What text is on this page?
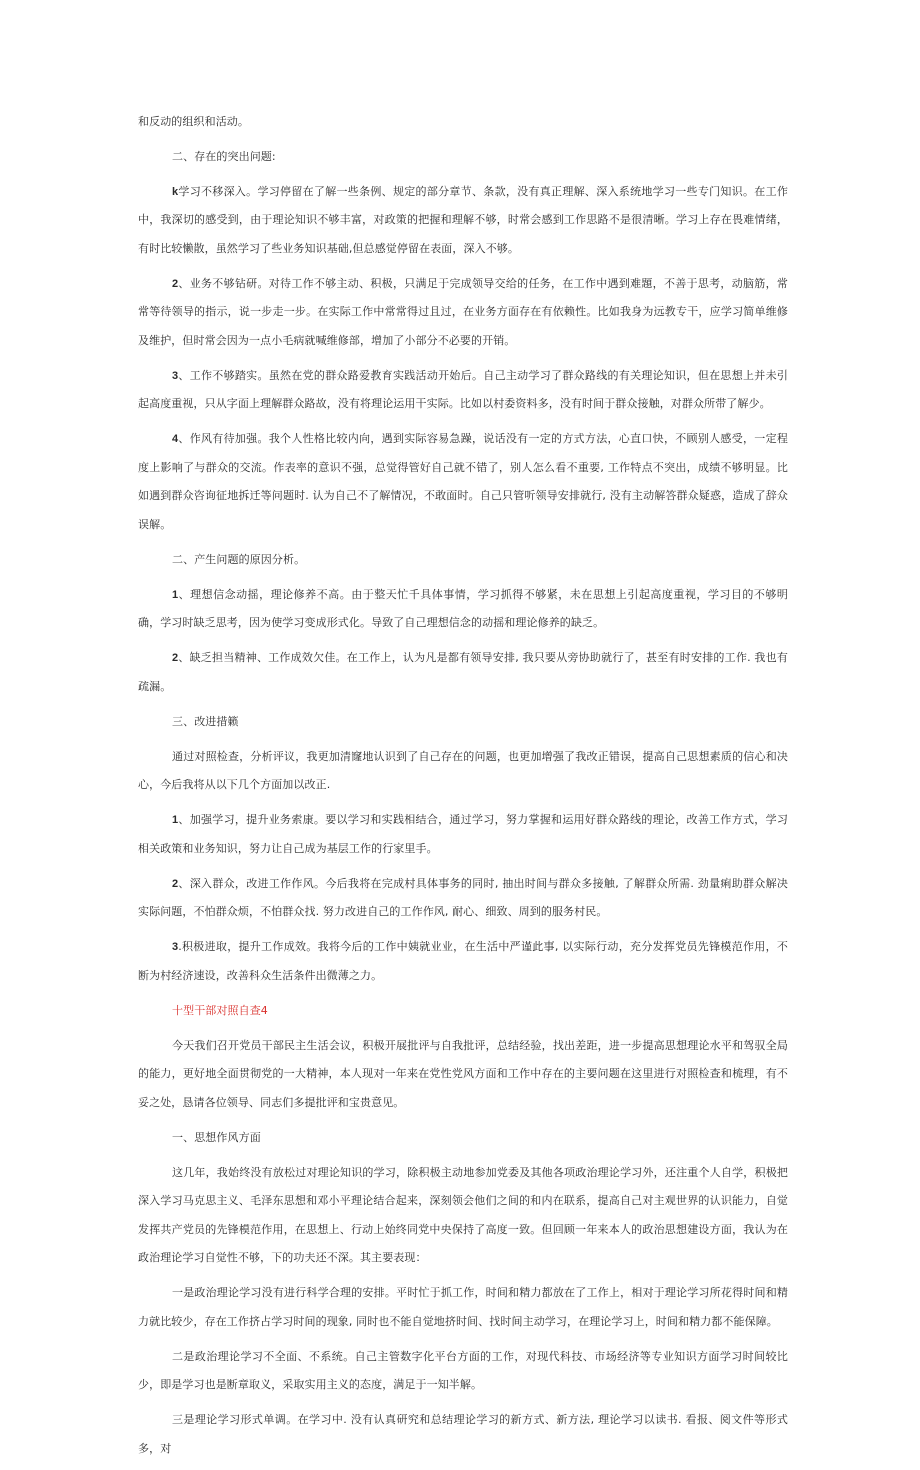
和反动的组织和活动。

二、存在的突出问题:

k学习不移深入。学习停留在了解一些条例、规定的部分章节、条款，没有真正理解、深入系统地学习一些专门知识。在工作中，我深切的感受到，由于理论知识不够丰富，对政策的把握和理解不够，时常会感到工作思路不是很清晰。学习上存在畏难情绪，有时比较懒散，虽然学习了些业务知识基础,但总感觉停留在表面，深入不够。

2、业务不够钻研。对待工作不够主动、积极，只满足于完成领导交给的任务，在工作中遇到难題，不善于思考，动脑筋，常常等待领导的指示，说一步走一步。在实际工作中常常得过且过，在业务方面存在有依赖性。比如我身为远教专干，应学习简单维修及维护，但时常会因为一点小毛病就喊维修部，增加了小部分不必要的开销。

3、工作不够踏实。虽然在党的群众路爱教育实践活动开始后。自己主动学习了群众路线的有关理论知识，但在思想上并未引起高度重视，只从字面上理解群众路故，没有将理论运用干实际。比如以村委资料多，没有时间于群众接触，对群众所带了解少。

4、作风有待加强。我个人性格比较内向，遇到实际容易急躁，说话没有一定的方式方法，心直口快，不顾别人感受，一定程度上影响了与群众的交流。作表率的意识不强，总觉得管好自己就不错了，别人怎么看不重要, 工作特点不突出，成绩不够明显。比如遇到群众咨询征地拆迁等问题时. 认为自己不了解情况，不敢面时。自己只管听领导安排就行, 没有主动解答群众疑惑，造成了辞众误解。

二、产生问题的原因分析。

1、理想信念动摇，理论修养不高。由于整天忙千具体事情，学习抓得不够紧，未在思想上引起高度重视，学习目的不够明确，学习时缺乏思考，因为使学习变成形式化。导致了自己理想信念的动摇和理论修养的缺乏。

2、缺乏担当精神、工作成效欠佳。在工作上，认为凡是都有领导安排, 我只要从旁协助就行了，甚至有时安排的工作. 我也有疏漏。

三、改进措籁

通过对照检查，分析评议，我更加清窿地认识到了自己存在的问题，也更加增强了我改正错误，提高自己思想素质的信心和决心，今后我将从以下几个方面加以改正.

1、加强学习，提升业务索康。要以学习和实践相结合，通过学习，努力掌握和运用好群众路线的理论，改善工作方式，学习相关政策和业务知识，努力让自己成为基层工作的行家里手。

2、深入群众，改进工作作风。今后我将在完成村具体事务的同时, 抽出时间与群众多接触, 了解群众所需. 劲量痢助群众解决实际问题，不怕群众烦，不怕群众找. 努力改进自己的工作作风, 耐心、细致、周到的服务村民。

3.积极进取，提升工作成效。我将今后的工作中姨就业业，在生活中严谨此事, 以实际行动，充分发挥党员先锋模范作用，不断为村经济速设，改善科众生活条件出微薄之力。

十型干部对照自查4

今天我们召开党员干部民主生活会议，积极开展批评与自我批评，总结经验，找出差距，进一步提高思想理论水平和驾驭全局的能力，更好地全面贯彻党的一大精神，本人现对一年来在党性党风方面和工作中存在的主要问题在这里进行对照检查和梳理，有不妥之处，恳请各位领导、同志们多提批评和宝贵意见。

一、思想作风方面

这几年，我始终没有放松过对理论知识的学习，除积极主动地参加党委及其他各项政治理论学习外，还注重个人自学，积极把深入学习马克思主义、毛泽东思想和邓小平理论结合起来，深刻领会他们之间的和内在联系，提高自己对主观世界的认识能力，自觉发挥共产党员的先锋模范作用，在思想上、行动上始终同党中央保持了高度一致。但回顾一年来本人的政治思想建设方面，我认为在政治理论学习自觉性不够，下的功夫还不深。其主要表现：

一是政治理论学习没有进行科学合理的安排。平时忙于抓工作，时间和精力都放在了工作上，相对于理论学习所花得时间和精力就比较少，存在工作挤占学习时间的现象, 同时也不能自觉地挤时间、找时间主动学习，在理论学习上，时间和精力都不能保障。

二是政治理论学习不全面、不系统。自己主管数字化平台方面的工作，对现代科技、市场经济等专业知识方面学习时间较比少，即是学习也是断章取义，采取实用主义的态度，满足于一知半解。

三是理论学习形式单调。在学习中. 没有认真研究和总结理论学习的新方式、新方法, 理论学习以读书. 看报、阅文件等形式多，对
